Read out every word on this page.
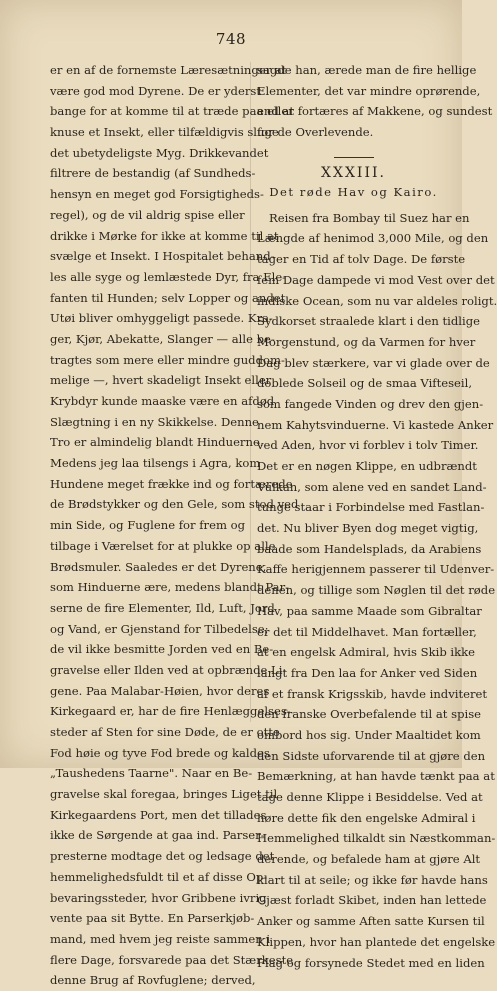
748
er en af de fornemste Læresætninger at
være god mod Dyrene. De er yderst
bange for at komme til at træde paa eller
knuse et Insekt, eller tilfældigvis sluge
det ubetydeligste Myg. Drikkevandet
filtrere de bestandig (af Sundheds-
hensyn en meget god Forsigtigheds-
regel), og de vil aldrig spise eller
drikke i Mørke for ikke at komme til at
svælge et Insekt. I Hospitalet behand-
les alle syge og lemlæstede Dyr, fra Ele-
fanten til Hunden; selv Lopper og andet
Utøi bliver omhyggeligt passede. Kra-
ger, Kjør, Abekatte, Slanger — alle be-
tragtes som mere eller mindre guddom-
melige —, hvert skadeligt Insekt eller
Krybdyr kunde maaske være en afdød
Slægtning i en ny Skikkelse. Denne
Tro er almindelig blandt Hinduerne.
Medens jeg laa tilsengs i Agra, kom
Hundene meget frække ind og fortærede
de Brødstykker og den Gele, som stod ved
min Side, og Fuglene for frem og
tilbage i Værelset for at plukke op alle
Brødsmuler. Saaledes er det Dyrene,
som Hinduerne ære, medens blandt Par-
serne de fire Elementer, Ild, Luft, Jord
og Vand, er Gjenstand for Tilbedelse;
de vil ikke besmitte Jorden ved en Be-
gravelse eller Ilden ved at opbrænde Li-
gene. Paa Malabar-Høien, hvor deres
Kirkegaard er, har de fire Henlæggelses-
steder af Sten for sine Døde, de er otte
Fod høie og tyve Fod brede og kaldes
„Taushedens Taarne". Naar en Be-
gravelse skal foregaa, bringes Liget til
Kirkegaardens Port, men det tillades
ikke de Sørgende at gaa ind. Parser-
presterne modtage det og ledsage det
hemmelighedsfuldt til et af disse Op-
bevaringssteder, hvor Gribbene ivrig
vente paa sit Bytte. En Parserkjøb-
mand, med hvem jeg reiste sammen i
flere Dage, forsvarede paa det Stærkeste
denne Brug af Rovfuglene; derved,
sagde han, ærede man de fire hellige
Elementer, det var mindre oprørende,
end at fortæres af Makkene, og sundest
for de Overlevende.
XXXIII.
Det røde Hav og Kairo.
Reisen fra Bombay til Suez har en
Længde af henimod 3,000 Mile, og den
tager en Tid af tolv Dage. De første
fem Dage dampede vi mod Vest over det
indiske Ocean, som nu var aldeles roligt.
Sydkorset straalede klart i den tidlige
Morgenstund, og da Varmen for hver
Dag blev stærkere, var vi glade over de
doblede Solseil og de smaa Vifteseil,
som fangede Vinden og drev den gjen-
nem Kahytsvinduerne. Vi kastede Anker
ved Aden, hvor vi forblev i tolv Timer.
Det er en nøgen Klippe, en udbrændt
Vulkan, som alene ved en sandet Land-
tunge staar i Forbindelse med Fastlan-
det. Nu bliver Byen dog meget vigtig,
baade som Handelsplads, da Arabiens
Kaffe herigjennem passerer til Udenver-
denen, og tillige som Nøglen til det røde
Hav, paa samme Maade som Gibraltar
er det til Middelhavet. Man fortæller,
at en engelsk Admiral, hvis Skib ikke
langt fra Den laa for Anker ved Siden
af et fransk Krigsskib, havde indviteret
den franske Overbefalende til at spise
ombord hos sig. Under Maaltidet kom
den Sidste uforvarende til at gjøre den
Bemærkning, at han havde tænkt paa at
tage denne Klippe i Besiddelse. Ved at
høre dette fik den engelske Admiral i
Hemmelighed tilkaldt sin Næstkomman-
derende, og befalede ham at gjøre Alt
klart til at seile; og ikke før havde hans
Gjæst forladt Skibet, inden han lettede
Anker og samme Aften satte Kursen til
Klippen, hvor han plantede det engelske
Flag og forsynede Stedet med en liden
